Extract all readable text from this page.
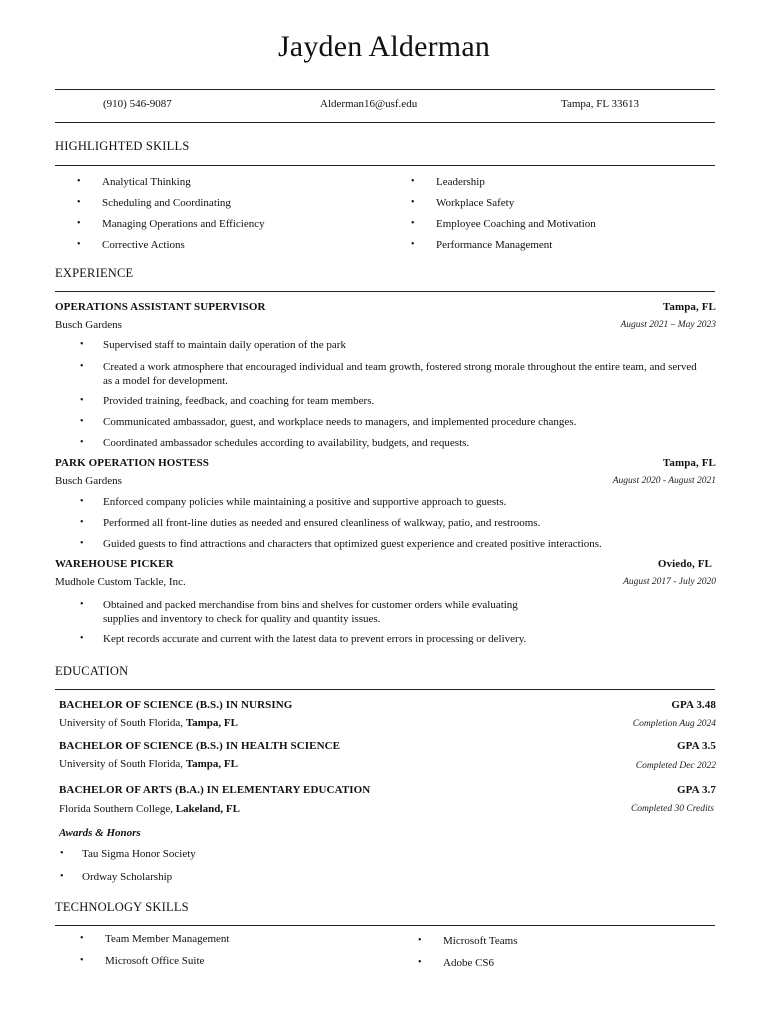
Jayden Alderman
(910) 546-9087	Alderman16@usf.edu	Tampa, FL 33613
HIGHLIGHTED SKILLS
• Analytical Thinking
• Scheduling and Coordinating
• Managing Operations and Efficiency
• Corrective Actions
• Leadership
• Workplace Safety
• Employee Coaching and Motivation
• Performance Management
EXPERIENCE
OPERATIONS ASSISTANT SUPERVISOR	Tampa, FL
Busch Gardens	August 2021 – May 2023
• Supervised staff to maintain daily operation of the park
• Created a work atmosphere that encouraged individual and team growth, fostered strong morale throughout the entire team, and served as a model for development.
• Provided training, feedback, and coaching for team members.
• Communicated ambassador, guest, and workplace needs to managers, and implemented procedure changes.
• Coordinated ambassador schedules according to availability, budgets, and requests.
PARK OPERATION HOSTESS	Tampa, FL
Busch Gardens	August 2020 - August 2021
• Enforced company policies while maintaining a positive and supportive approach to guests.
• Performed all front-line duties as needed and ensured cleanliness of walkway, patio, and restrooms.
• Guided guests to find attractions and characters that optimized guest experience and created positive interactions.
WAREHOUSE PICKER	Oviedo, FL
Mudhole Custom Tackle, Inc.	August 2017 - July 2020
• Obtained and packed merchandise from bins and shelves for customer orders while evaluating supplies and inventory to check for quality and quantity issues.
• Kept records accurate and current with the latest data to prevent errors in processing or delivery.
EDUCATION
BACHELOR OF SCIENCE (B.S.) IN NURSING	GPA 3.48
University of South Florida, Tampa, FL	Completion Aug 2024
BACHELOR OF SCIENCE (B.S.) IN HEALTH SCIENCE	GPA 3.5
University of South Florida, Tampa, FL	Completed Dec 2022
BACHELOR OF ARTS (B.A.) IN ELEMENTARY EDUCATION	GPA 3.7
Florida Southern College, Lakeland, FL	Completed 30 Credits
Awards & Honors
• Tau Sigma Honor Society
• Ordway Scholarship
TECHNOLOGY SKILLS
• Team Member Management
• Microsoft Office Suite
• Microsoft Teams
• Adobe CS6
